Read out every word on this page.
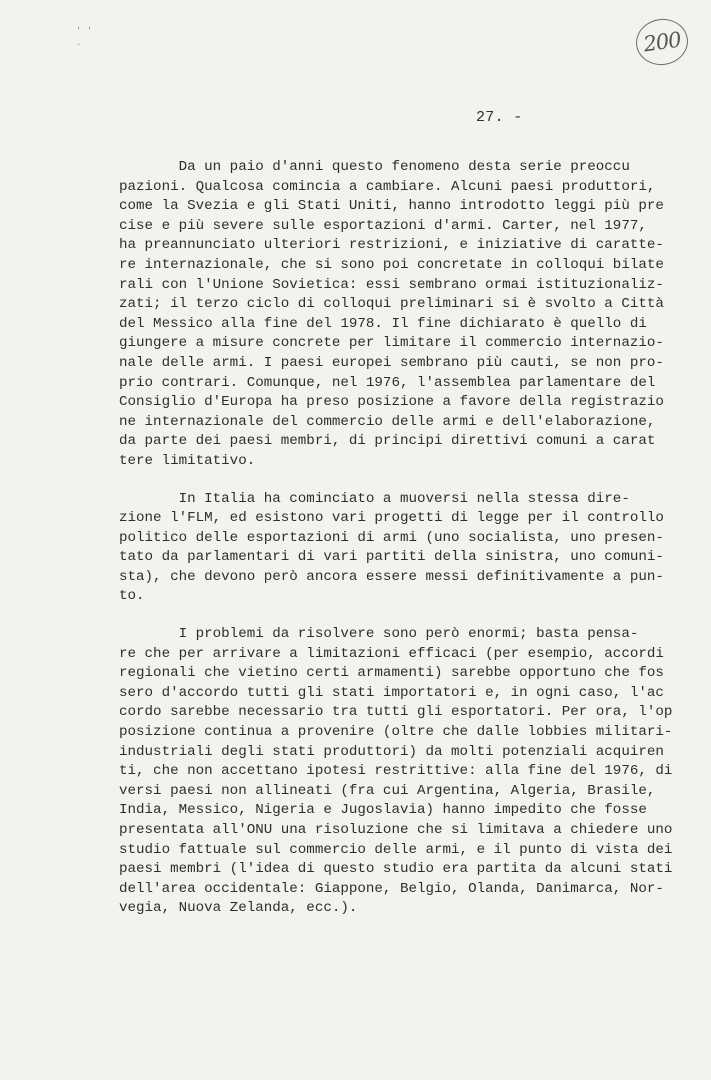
' '
·	200
27. -
Da un paio d'anni questo fenomeno desta serie preoccu
pazioni. Qualcosa comincia a cambiare. Alcuni paesi produttori,
come la Svezia e gli Stati Uniti, hanno introdotto leggi più pre
cise e più severe sulle esportazioni d'armi. Carter, nel 1977,
ha preannunciato ulteriori restrizioni, e iniziative di caratte-
re internazionale, che si sono poi concretate in colloqui bilate
rali con l'Unione Sovietica: essi sembrano ormai istituzionaliz-
zati; il terzo ciclo di colloqui preliminari si è svolto a Città
del Messico alla fine del 1978. Il fine dichiarato è quello di
giungere a misure concrete per limitare il commercio internazio-
nale delle armi. I paesi europei sembrano più cauti, se non pro-
prio contrari. Comunque, nel 1976, l'assemblea parlamentare del
Consiglio d'Europa ha preso posizione a favore della registrazio
ne internazionale del commercio delle armi e dell'elaborazione,
da parte dei paesi membri, di principi direttivi comuni a carat
tere limitativo.
In Italia ha cominciato a muoversi nella stessa dire-
zione l'FLM, ed esistono vari progetti di legge per il controllo
politico delle esportazioni di armi (uno socialista, uno presen-
tato da parlamentari di vari partiti della sinistra, uno comuni-
sta), che devono però ancora essere messi definitivamente a pun-
to.
I problemi da risolvere sono però enormi; basta pensa-
re che per arrivare a limitazioni efficaci (per esempio, accordi
regionali che vietino certi armamenti) sarebbe opportuno che fos
sero d'accordo tutti gli stati importatori e, in ogni caso, l'ac
cordo sarebbe necessario tra tutti gli esportatori. Per ora, l'op
posizione continua a provenire (oltre che dalle lobbies militari-
industriali degli stati produttori) da molti potenziali acquiren
ti, che non accettano ipotesi restrittive: alla fine del 1976, di
versi paesi non allineati (fra cui Argentina, Algeria, Brasile,
India, Messico, Nigeria e Jugoslavia) hanno impedito che fosse
presentata all'ONU una risoluzione che si limitava a chiedere uno
studio fattuale sul commercio delle armi, e il punto di vista dei
paesi membri (l'idea di questo studio era partita da alcuni stati
dell'area occidentale: Giappone, Belgio, Olanda, Danimarca, Nor-
vegia, Nuova Zelanda, ecc.).
